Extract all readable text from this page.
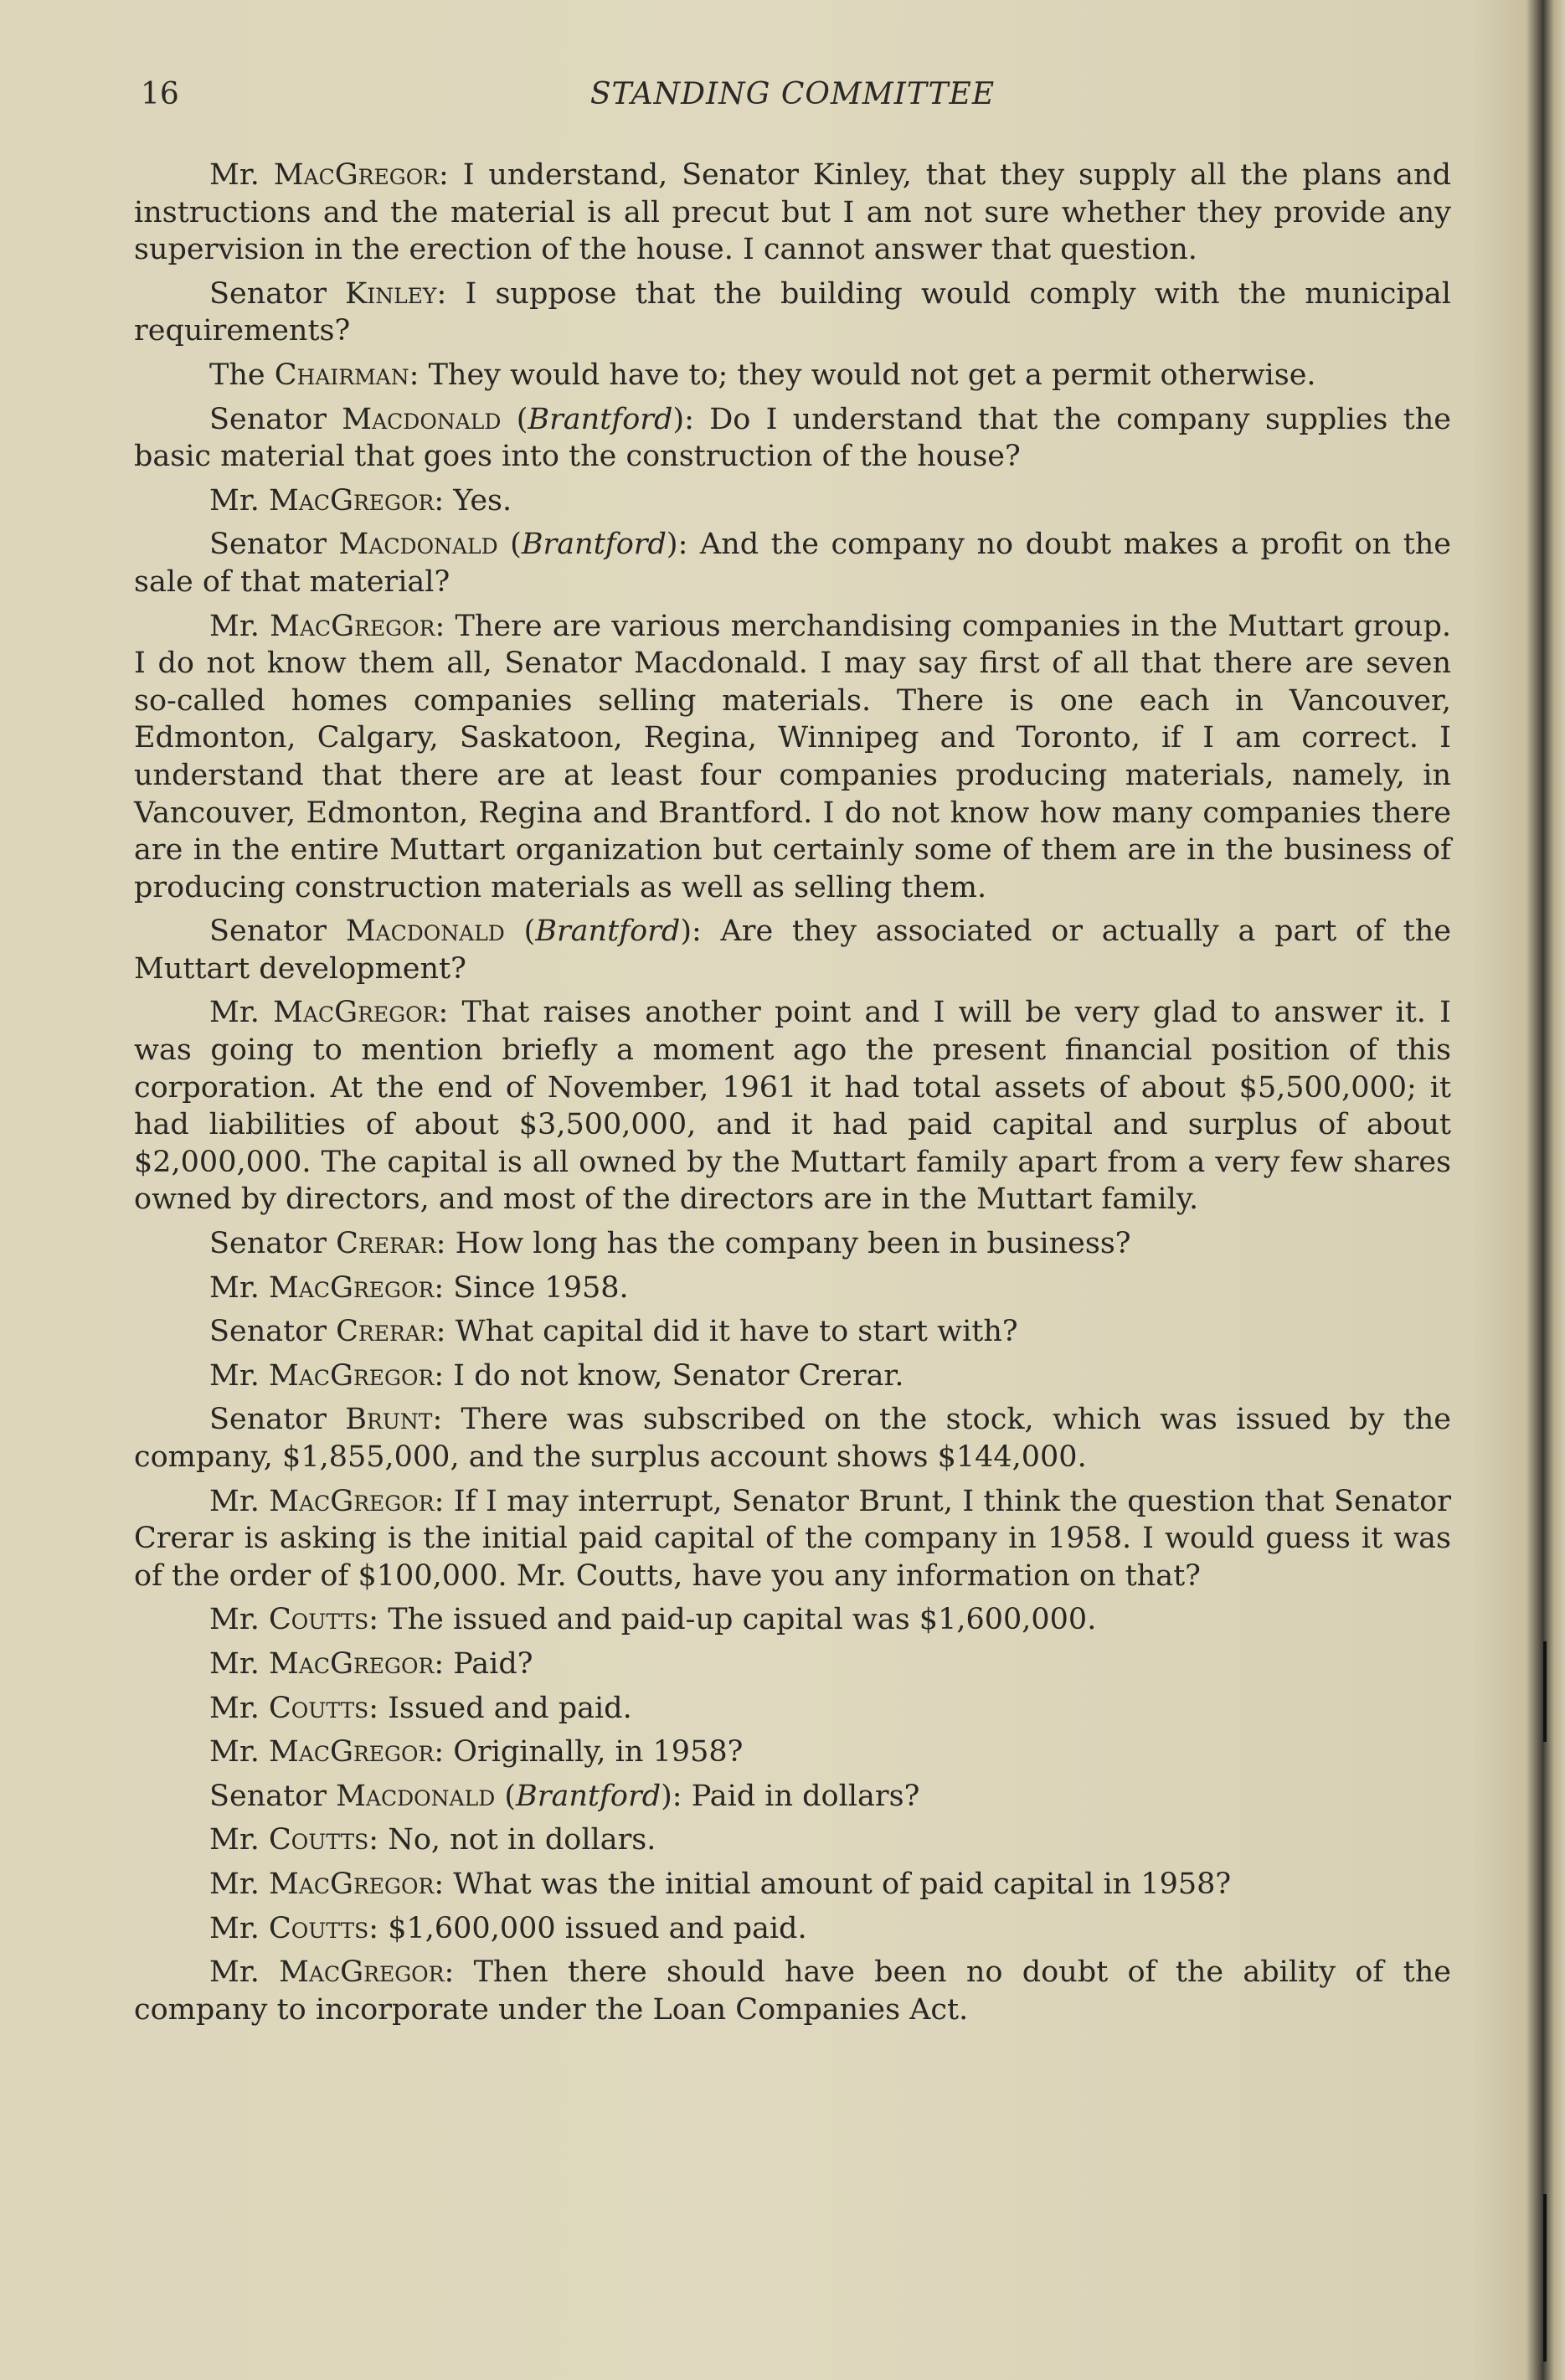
16	STANDING COMMITTEE

Mr. MacGregor: I understand, Senator Kinley, that they supply all the plans and instructions and the material is all precut but I am not sure whether they provide any supervision in the erection of the house. I cannot answer that question.

Senator Kinley: I suppose that the building would comply with the municipal requirements?

The Chairman: They would have to; they would not get a permit otherwise.

Senator Macdonald (Brantford): Do I understand that the company supplies the basic material that goes into the construction of the house?

Mr. MacGregor: Yes.

Senator Macdonald (Brantford): And the company no doubt makes a profit on the sale of that material?

Mr. MacGregor: There are various merchandising companies in the Muttart group. I do not know them all, Senator Macdonald. I may say first of all that there are seven so-called homes companies selling materials. There is one each in Vancouver, Edmonton, Calgary, Saskatoon, Regina, Winnipeg and Toronto, if I am correct. I understand that there are at least four companies producing materials, namely, in Vancouver, Edmonton, Regina and Brantford. I do not know how many companies there are in the entire Muttart organization but certainly some of them are in the business of producing construction materials as well as selling them.

Senator Macdonald (Brantford): Are they associated or actually a part of the Muttart development?

Mr. MacGregor: That raises another point and I will be very glad to answer it. I was going to mention briefly a moment ago the present financial position of this corporation. At the end of November, 1961 it had total assets of about $5,500,000; it had liabilities of about $3,500,000, and it had paid capital and surplus of about $2,000,000. The capital is all owned by the Muttart family apart from a very few shares owned by directors, and most of the directors are in the Muttart family.

Senator Crerar: How long has the company been in business?

Mr. MacGregor: Since 1958.

Senator Crerar: What capital did it have to start with?

Mr. MacGregor: I do not know, Senator Crerar.

Senator Brunt: There was subscribed on the stock, which was issued by the company, $1,855,000, and the surplus account shows $144,000.

Mr. MacGregor: If I may interrupt, Senator Brunt, I think the question that Senator Crerar is asking is the initial paid capital of the company in 1958. I would guess it was of the order of $100,000. Mr. Coutts, have you any information on that?

Mr. Coutts: The issued and paid-up capital was $1,600,000.

Mr. MacGregor: Paid?

Mr. Coutts: Issued and paid.

Mr. MacGregor: Originally, in 1958?

Senator Macdonald (Brantford): Paid in dollars?

Mr. Coutts: No, not in dollars.

Mr. MacGregor: What was the initial amount of paid capital in 1958?

Mr. Coutts: $1,600,000 issued and paid.

Mr. MacGregor: Then there should have been no doubt of the ability of the company to incorporate under the Loan Companies Act.
